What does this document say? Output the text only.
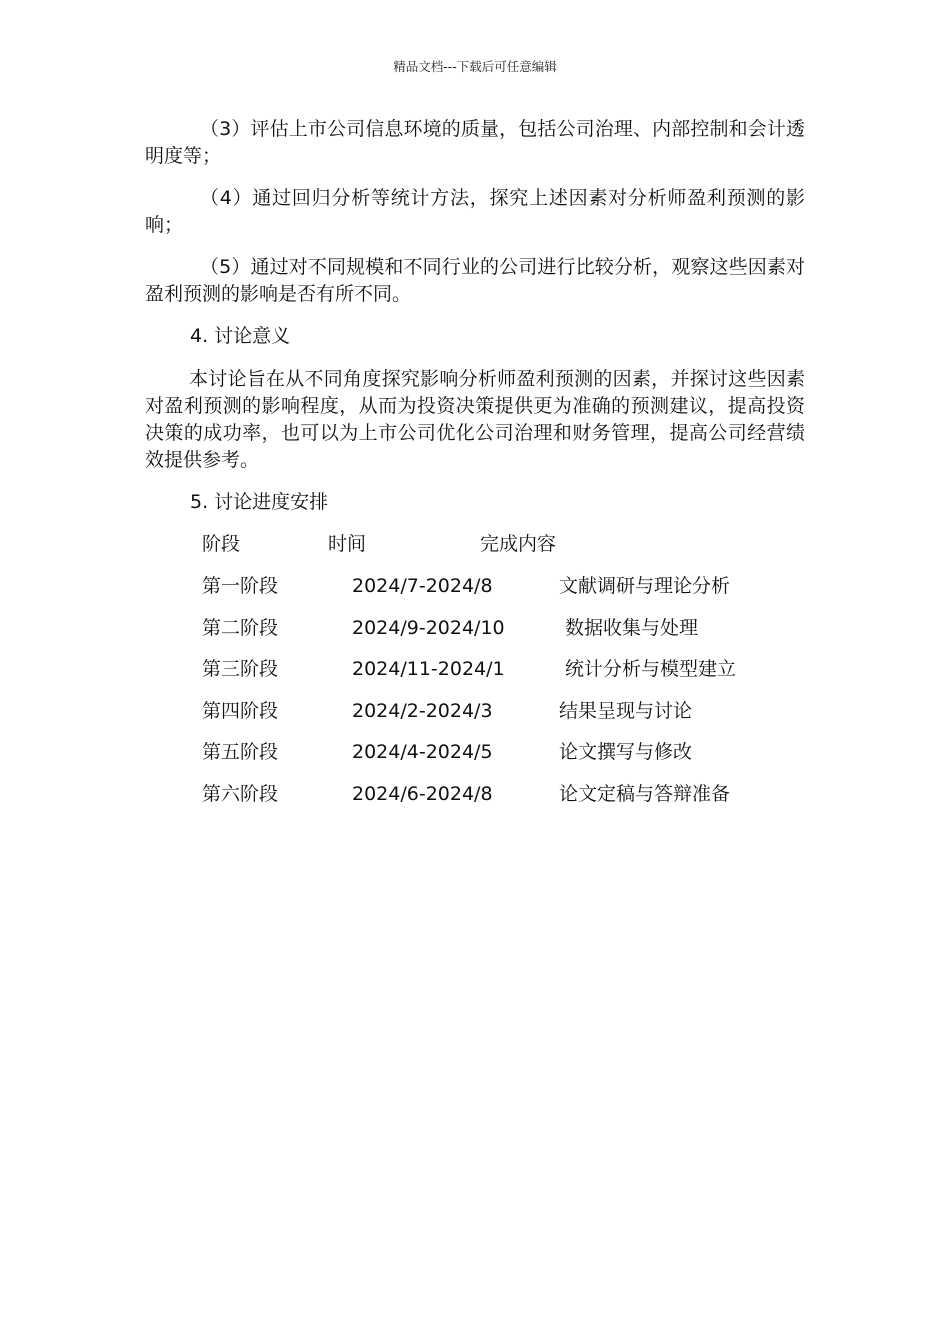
精品文档---下载后可任意编辑

（3）评估上市公司信息环境的质量，包括公司治理、内部控制和会计透明度等；

（4）通过回归分析等统计方法，探究上述因素对分析师盈利预测的影响；

（5）通过对不同规模和不同行业的公司进行比较分析，观察这些因素对盈利预测的影响是否有所不同。

4. 讨论意义

本讨论旨在从不同角度探究影响分析师盈利预测的因素，并探讨这些因素对盈利预测的影响程度，从而为投资决策提供更为准确的预测建议，提高投资决策的成功率，也可以为上市公司优化公司治理和财务管理，提高公司经营绩效提供参考。

5. 讨论进度安排

阶段	时间	完成内容
第一阶段	2024/7-2024/8	文献调研与理论分析
第二阶段	2024/9-2024/10	数据收集与处理
第三阶段	2024/11-2024/1	统计分析与模型建立
第四阶段	2024/2-2024/3	结果呈现与讨论
第五阶段	2024/4-2024/5	论文撰写与修改
第六阶段	2024/6-2024/8	论文定稿与答辩准备
